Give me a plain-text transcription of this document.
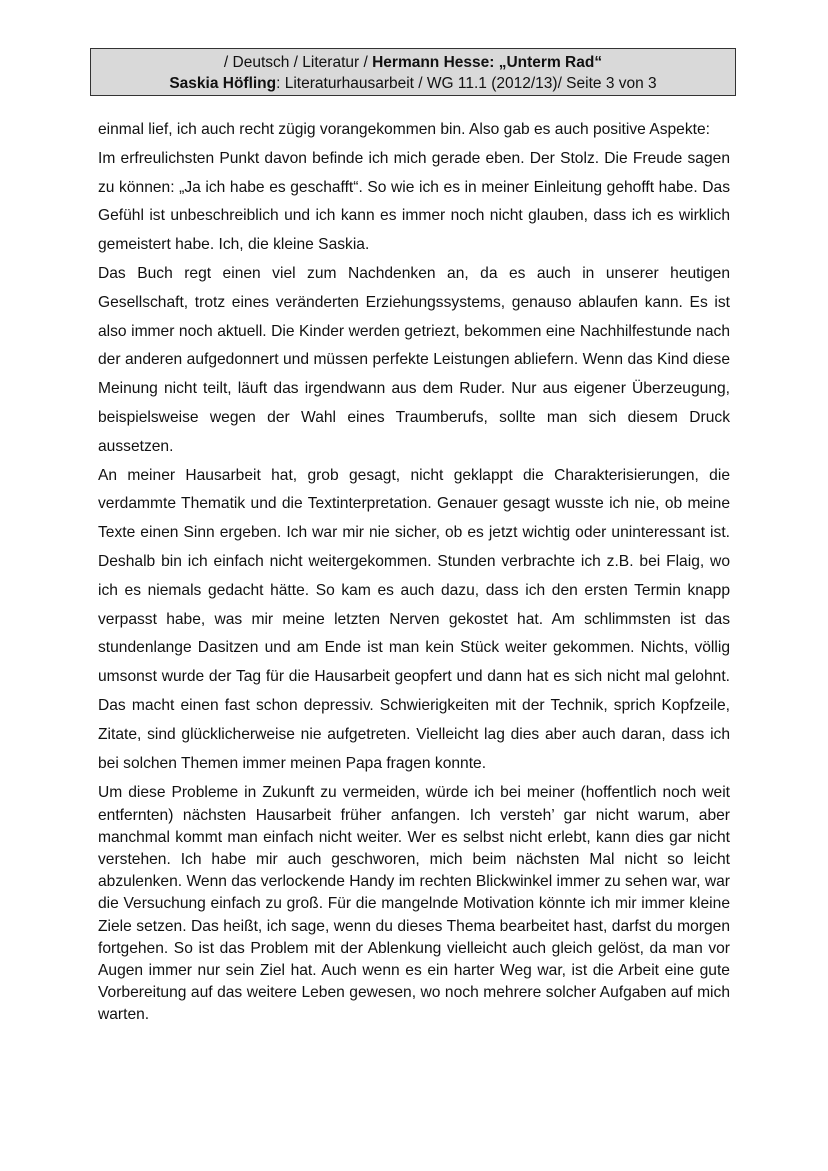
/ Deutsch / Literatur / Hermann Hesse: „Unterm Rad“
Saskia Höfling: Literaturhausarbeit / WG 11.1 (2012/13)/ Seite 3 von 3

einmal lief, ich auch recht zügig vorangekommen bin. Also gab es auch positive Aspekte:

Im erfreulichsten Punkt davon befinde ich mich gerade eben. Der Stolz. Die Freude sagen zu können: „Ja ich habe es geschafft“. So wie ich es in meiner Einleitung gehofft habe. Das Gefühl ist unbeschreiblich und ich kann es immer noch nicht glauben, dass ich es wirklich gemeistert habe. Ich, die kleine Saskia.

Das Buch regt einen viel zum Nachdenken an, da es auch in unserer heutigen Gesellschaft, trotz eines veränderten Erziehungssystems, genauso ablaufen kann. Es ist also immer noch aktuell. Die Kinder werden getriezt, bekommen eine Nachhilfestunde nach der anderen aufgedonnert und müssen perfekte Leistungen abliefern. Wenn das Kind diese Meinung nicht teilt, läuft das irgendwann aus dem Ruder. Nur aus eigener Überzeugung, beispielsweise wegen der Wahl eines Traumberufs, sollte man sich diesem Druck aussetzen.

An meiner Hausarbeit hat, grob gesagt, nicht geklappt die Charakterisierungen, die verdammte Thematik und die Textinterpretation. Genauer gesagt wusste ich nie, ob meine Texte einen Sinn ergeben. Ich war mir nie sicher, ob es jetzt wichtig oder uninteressant ist. Deshalb bin ich einfach nicht weitergekommen. Stunden verbrachte ich z.B. bei Flaig, wo ich es niemals gedacht hätte. So kam es auch dazu, dass ich den ersten Termin knapp verpasst habe, was mir meine letzten Nerven gekostet hat. Am schlimmsten ist das stundenlange Dasitzen und am Ende ist man kein Stück weiter gekommen. Nichts, völlig umsonst wurde der Tag für die Hausarbeit geopfert und dann hat es sich nicht mal gelohnt. Das macht einen fast schon depressiv. Schwierigkeiten mit der Technik, sprich Kopfzeile, Zitate, sind glücklicherweise nie aufgetreten. Vielleicht lag dies aber auch daran, dass ich bei solchen Themen immer meinen Papa fragen konnte.

Um diese Probleme in Zukunft zu vermeiden, würde ich bei meiner (hoffentlich noch weit entfernten) nächsten Hausarbeit früher anfangen. Ich versteh’ gar nicht warum, aber manchmal kommt man einfach nicht weiter. Wer es selbst nicht erlebt, kann dies gar nicht verstehen. Ich habe mir auch geschworen, mich beim nächsten Mal nicht so leicht abzulenken. Wenn das verlockende Handy im rechten Blickwinkel immer zu sehen war, war die Versuchung einfach zu groß. Für die mangelnde Motivation könnte ich mir immer kleine Ziele setzen. Das heißt, ich sage, wenn du dieses Thema bearbeitet hast, darfst du morgen fortgehen. So ist das Problem mit der Ablenkung vielleicht auch gleich gelöst, da man vor Augen immer nur sein Ziel hat. Auch wenn es ein harter Weg war, ist die Arbeit eine gute Vorbereitung auf das weitere Leben gewesen, wo noch mehrere solcher Aufgaben auf mich warten.
